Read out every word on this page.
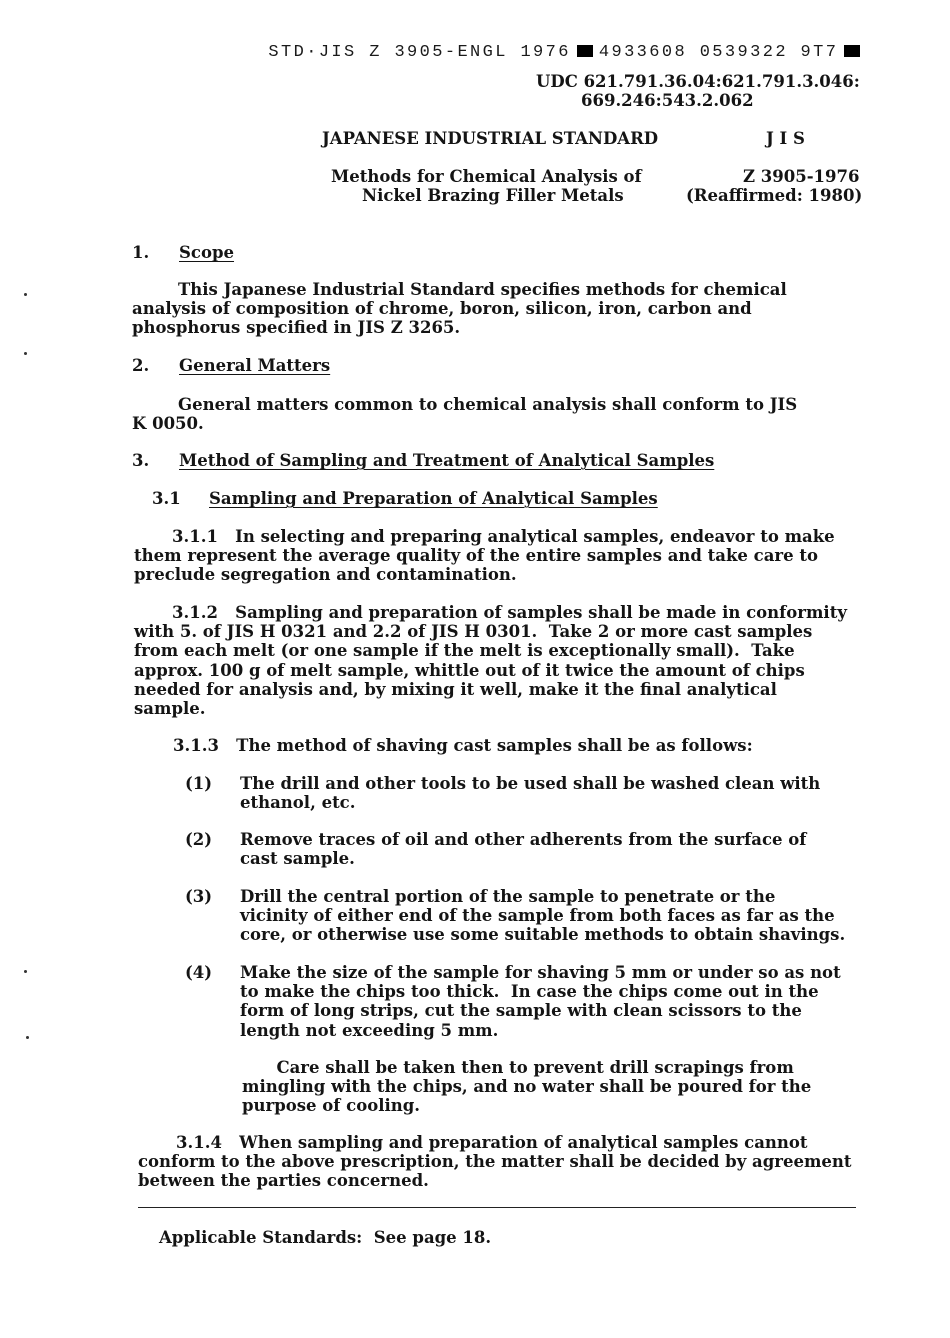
STD·JIS Z 3905-ENGL 1976 4933608 0539322 9T7

UDC 621.791.36.04:621.791.3.046:
669.246:543.2.062
JAPANESE INDUSTRIAL STANDARD	J I S
Methods for Chemical Analysis of
Nickel Brazing Filler Metals
Z 3905-1976
(Reaffirmed: 1980)
1. Scope
This Japanese Industrial Standard specifies methods for chemical
analysis of composition of chrome, boron, silicon, iron, carbon and
phosphorus specified in JIS Z 3265.
2. General Matters
General matters common to chemical analysis shall conform to JIS
K 0050.
3. Method of Sampling and Treatment of Analytical Samples
3.1 Sampling and Preparation of Analytical Samples
3.1.1   In selecting and preparing analytical samples, endeavor to make
them represent the average quality of the entire samples and take care to
preclude segregation and contamination.
3.1.2   Sampling and preparation of samples shall be made in conformity
with 5. of JIS H 0321 and 2.2 of JIS H 0301.  Take 2 or more cast samples
from each melt (or one sample if the melt is exceptionally small).  Take
approx. 100 g of melt sample, whittle out of it twice the amount of chips
needed for analysis and, by mixing it well, make it the final analytical
sample.
3.1.3   The method of shaving cast samples shall be as follows:
(1) The drill and other tools to be used shall be washed clean with
ethanol, etc.
(2) Remove traces of oil and other adherents from the surface of
cast sample.
(3) Drill the central portion of the sample to penetrate or the
vicinity of either end of the sample from both faces as far as the
core, or otherwise use some suitable methods to obtain shavings.
(4) Make the size of the sample for shaving 5 mm or under so as not
to make the chips too thick.  In case the chips come out in the
form of long strips, cut the sample with clean scissors to the
length not exceeding 5 mm.
Care shall be taken then to prevent drill scrapings from
mingling with the chips, and no water shall be poured for the
purpose of cooling.
3.1.4   When sampling and preparation of analytical samples cannot
conform to the above prescription, the matter shall be decided by agreement
between the parties concerned.
Applicable Standards:  See page 18.
